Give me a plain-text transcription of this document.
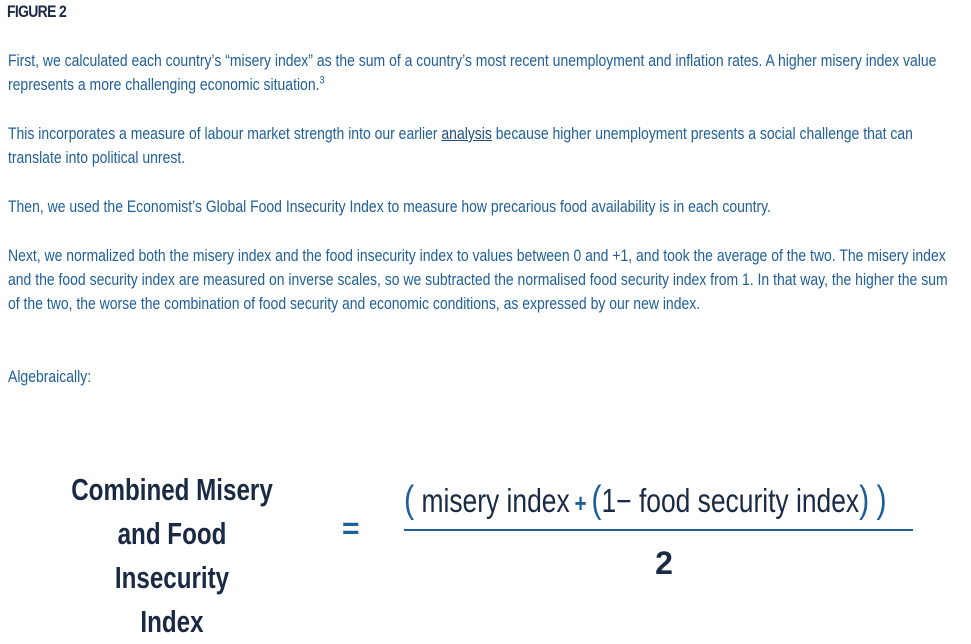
FIGURE 2

First, we calculated each country’s “misery index” as the sum of a country’s most recent unemployment and inflation rates. A higher misery index value represents a more challenging economic situation.$^3$

This incorporates a measure of labour market strength into our earlier analysis because higher unemployment presents a social challenge that can translate into political unrest.

Then, we used the Economist’s Global Food Insecurity Index to measure how precarious food availability is in each country.

Next, we normalized both the misery index and the food insecurity index to values between 0 and +1, and took the average of the two. The misery index and the food security index are measured on inverse scales, so we subtracted the normalised food security index from 1. In that way, the higher the sum of the two, the worse the combination of food security and economic conditions, as expressed by our new index.

Algebraically:

Combined Misery
and Food Insecurity
Index
=
( misery index + (1− food security index) )
2
